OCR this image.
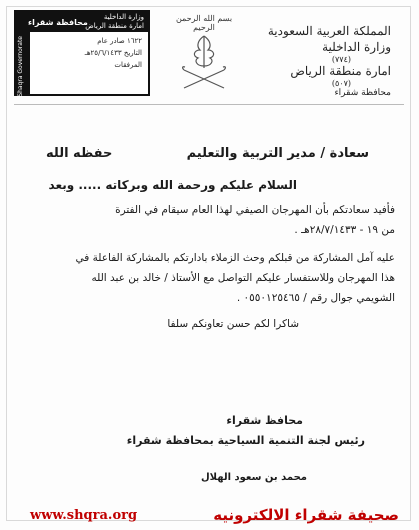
وزارة الداخلية
امارة منطقة الرياض
محافظة شقراء
Shaqra Governorate	١٦٢٢ صادر عام
التاريخ ٢٥/٦/١٤٣٣هـ
المرفقات
بسم الله الرحمن الرحيم	المملكة العربية السعودية
وزارة الداخلية
(٧٧٤)
امارة منطقة الرياض
(٥٠٧)
محافظة شقراء
سعادة / مدير التربية والتعليم
حفظه الله
السلام عليكم ورحمة الله وبركاته ..... وبعد
فأفيد سعادتكم بأن المهرجان الصيفي لهذا العام سيقام في الفترة
من ١٩ - ٢٨/٧/١٤٣٣هـ .
عليه آمل المشاركة من قبلكم وحث الزملاء بادارتكم بالمشاركة الفاعلة في
هذا المهرجان وللاستفسار عليكم التواصل مع الأستاذ / خالد بن عبد الله
الشويمي جوال رقم / ٠٥٥٠١٢٥٤٦٥ .
شاكرا لكم حسن تعاونكم سلفا
محافظ شقراء
رئيس لجنة التنمية السياحية بمحافظة شقراء
محمد بن سعود الهلال
www.shqra.org	صحيفة شقراء الالكترونيه
